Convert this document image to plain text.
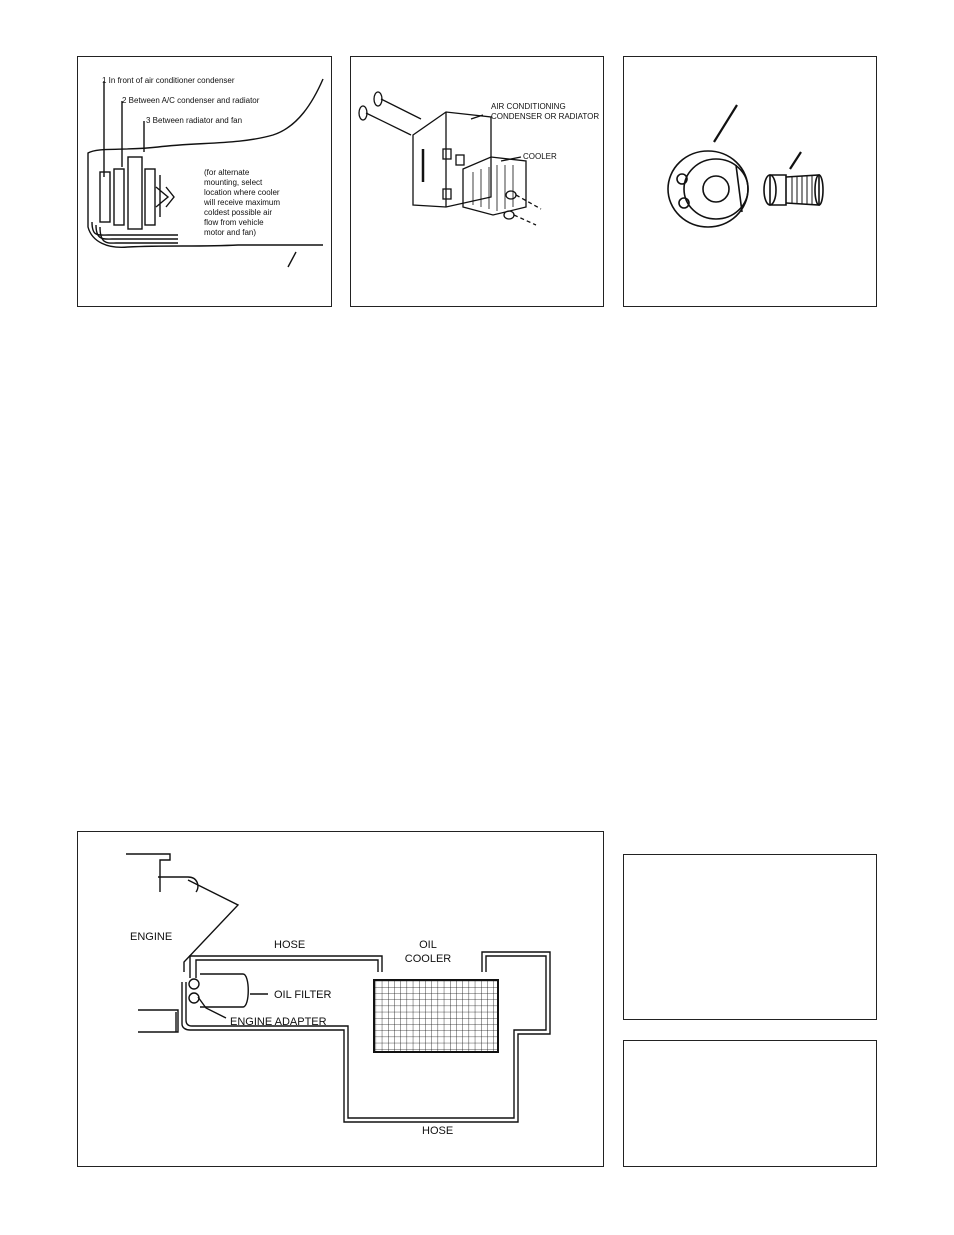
1 In front of air conditioner condenser
2 Between A/C condenser and radiator
3 Between radiator and fan
(for alternate
mounting, select
location where cooler
will receive maximum
coldest possible air
flow from vehicle
motor and fan)
AIR CONDITIONING
CONDENSER OR RADIATOR
COOLER
ENGINE
HOSE	OIL
COOLER
OIL FILTER
ENGINE ADAPTER
HOSE
